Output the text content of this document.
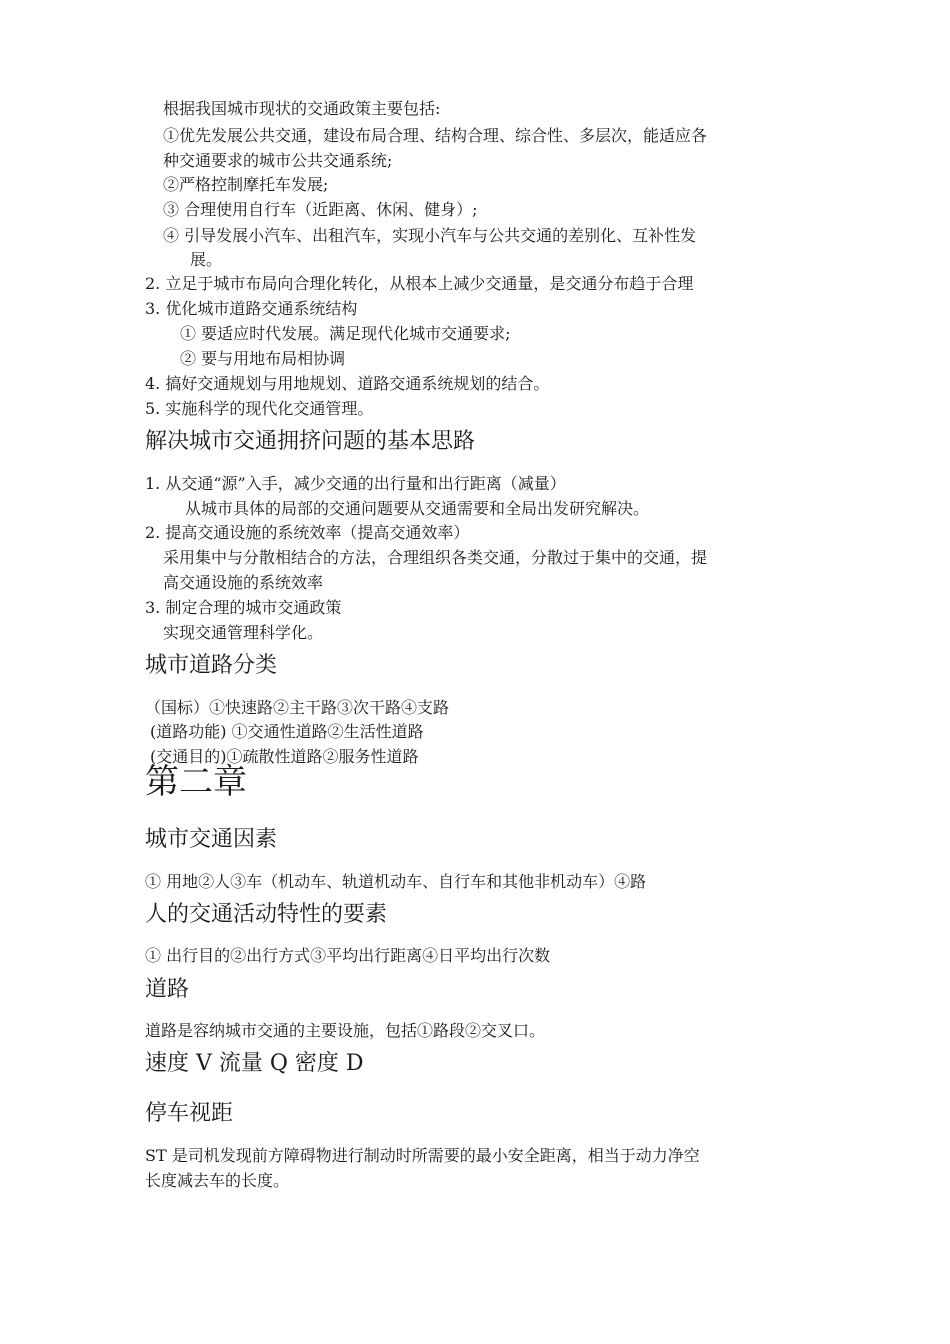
根据我国城市现状的交通政策主要包括:
①优先发展公共交通，建设布局合理、结构合理、综合性、多层次，能适应各
种交通要求的城市公共交通系统;
②严格控制摩托车发展;
③ 合理使用自行车（近距离、休闲、健身）;
④ 引导发展小汽车、出租汽车，实现小汽车与公共交通的差别化、互补性发
展。
2. 立足于城市布局向合理化转化，从根本上减少交通量，是交通分布趋于合理
3. 优化城市道路交通系统结构
① 要适应时代发展。满足现代化城市交通要求;
② 要与用地布局相协调
4. 搞好交通规划与用地规划、道路交通系统规划的结合。
5. 实施科学的现代化交通管理。
解决城市交通拥挤问题的基本思路
1. 从交通“源”入手，减少交通的出行量和出行距离（减量）
从城市具体的局部的交通问题要从交通需要和全局出发研究解决。
2. 提高交通设施的系统效率（提高交通效率）
采用集中与分散相结合的方法，合理组织各类交通，分散过于集中的交通，提
高交通设施的系统效率
3. 制定合理的城市交通政策
实现交通管理科学化。
城市道路分类
（国标）①快速路②主干路③次干路④支路
(道路功能) ①交通性道路②生活性道路
(交通目的)①疏散性道路②服务性道路
第二章
城市交通因素
① 用地②人③车（机动车、轨道机动车、自行车和其他非机动车）④路
人的交通活动特性的要素
① 出行目的②出行方式③平均出行距离④日平均出行次数
道路
道路是容纳城市交通的主要设施，包括①路段②交叉口。
速度 V 流量 Q 密度 D
停车视距
ST 是司机发现前方障碍物进行制动时所需要的最小安全距离，相当于动力净空
长度减去车的长度。
